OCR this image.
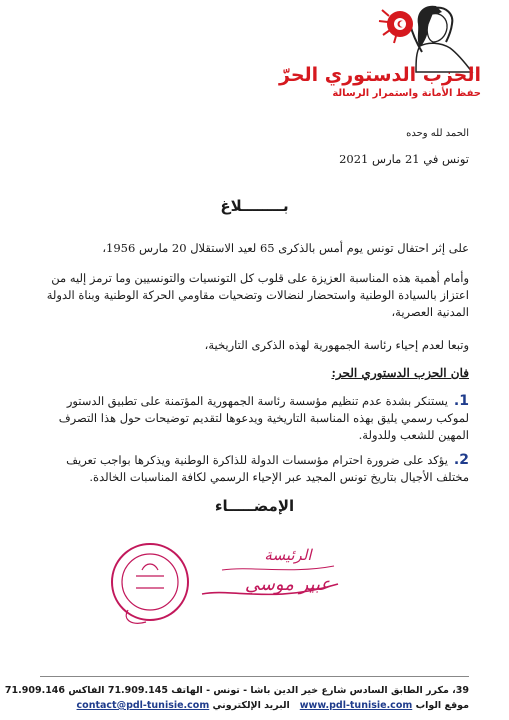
الحزب الدستوري الحرّ
حفظ الأمانة واستمرار الرسالة
الحمد لله وحده
تونس في 21 مارس 2021
بــــــــلاغ
على إثر احتفال تونس يوم أمس بالذكرى 65 لعيد الاستقلال 20 مارس 1956،
وأمام أهمية هذه المناسبة العزيزة على قلوب كل التونسيات والتونسيين وما ترمز إليه من اعتزاز بالسيادة الوطنية واستحضار لنضالات وتضحيات مقاومي الحركة الوطنية وبناة الدولة المدنية العصرية،
وتبعا لعدم إحياء رئاسة الجمهورية لهذه الذكرى التاريخية،
فان الحزب الدستوري الحر:
1.
يستنكر بشدة عدم تنظيم مؤسسة رئاسة الجمهورية المؤتمنة على تطبيق الدستور لموكب رسمي يليق بهذه المناسبة التاريخية ويدعوها لتقديم توضيحات حول هذا التصرف المهين للشعب وللدولة.
2.
يؤكد على ضرورة احترام مؤسسات الدولة للذاكرة الوطنية ويذكرها بواجب تعريف مختلف الأجيال بتاريخ تونس المجيد عبر الإحياء الرسمي لكافة المناسبات الخالدة.
الإمضـــــاء
الرئيسة
عبير موسي
39، مكرر الطابق السادس شارع خير الدين باشا - تونس - الهاتف 71.909.145 الفاكس 71.909.146
موقع الواب www.pdl-tunisie.com   البريد الإلكتروني contact@pdl-tunisie.com
